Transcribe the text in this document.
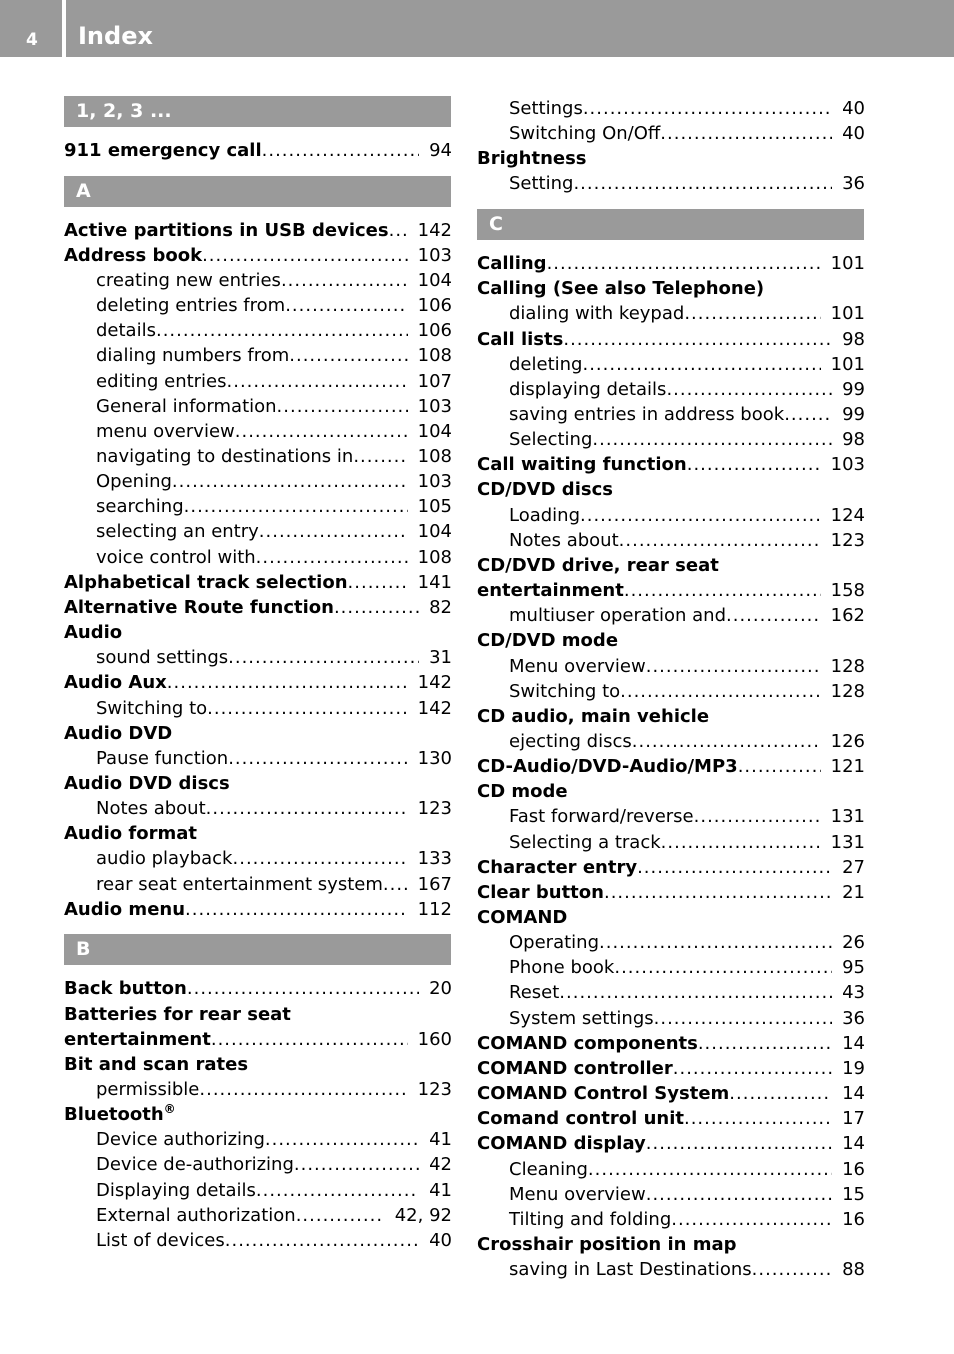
4	Index
1, 2, 3 ...
911 emergency call .....	94
A
Active partitions in USB devices ..... 142
Address book .....	103
creating new entries .....	104
deleting entries from .....	106
details .....	106
dialing numbers from .....	108
editing entries .....	107
General information .....	103
menu overview .....	104
navigating to destinations in .....	108
Opening .....	103
searching .....	105
selecting an entry .....	104
voice control with .....	108
Alphabetical track selection .....	141
Alternative Route function .....	82
Audio
sound settings .....	31
Audio Aux .....	142
Switching to .....	142
Audio DVD
Pause function .....	130
Audio DVD discs
Notes about .....	123
Audio format
audio playback .....	133
rear seat entertainment system ..... 167
Audio menu .....	112
B
Back button .....	20
Batteries for rear seat
entertainment .....	160
Bit and scan rates
permissible .....	123
Bluetooth®
Device authorizing .....	41
Device de-authorizing .....	42
Displaying details .....	41
External authorization .....	42, 92
List of devices .....	40
Settings .....	40
Switching On/Off .....	40
Brightness
Setting .....	36
C
Calling .....	101
Calling (See also Telephone)
dialing with keypad .....	101
Call lists .....	98
deleting .....	101
displaying details .....	99
saving entries in address book .....	99
Selecting .....	98
Call waiting function .....	103
CD/DVD discs
Loading .....	124
Notes about .....	123
CD/DVD drive, rear seat
entertainment .....	158
multiuser operation and .....	162
CD/DVD mode
Menu overview .....	128
Switching to .....	128
CD audio, main vehicle
ejecting discs .....	126
CD-Audio/DVD-Audio/MP3 .....	121
CD mode
Fast forward/reverse .....	131
Selecting a track .....	131
Character entry .....	27
Clear button .....	21
COMAND
Operating .....	26
Phone book .....	95
Reset .....	43
System settings .....	36
COMAND components .....	14
COMAND controller .....	19
COMAND Control System .....	14
Comand control unit .....	17
COMAND display .....	14
Cleaning .....	16
Menu overview .....	15
Tilting and folding .....	16
Crosshair position in map
saving in Last Destinations .....	88
